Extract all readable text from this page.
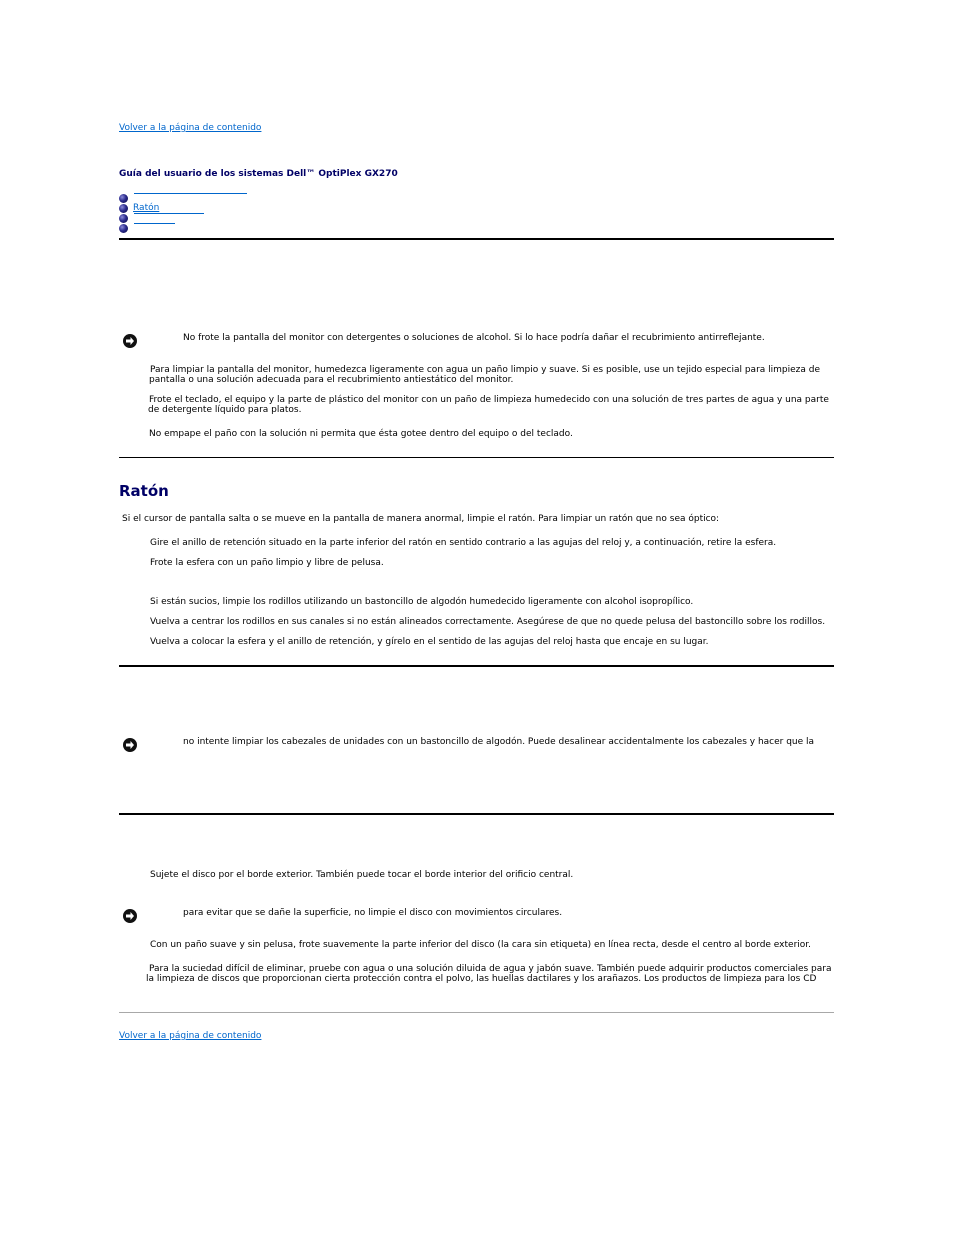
Volver a la página de contenido
Guía del usuario de los sistemas Dell™ OptiPlex GX270
Ratón
No frote la pantalla del monitor con detergentes o soluciones de alcohol. Si lo hace podría dañar el recubrimiento antirreflejante.
Para limpiar la pantalla del monitor, humedezca ligeramente con agua un paño limpio y suave. Si es posible, use un tejido especial para limpieza de
pantalla o una solución adecuada para el recubrimiento antiestático del monitor.
Frote el teclado, el equipo y la parte de plástico del monitor con un paño de limpieza humedecido con una solución de tres partes de agua y una parte
de detergente líquido para platos.
No empape el paño con la solución ni permita que ésta gotee dentro del equipo o del teclado.
Ratón
Si el cursor de pantalla salta o se mueve en la pantalla de manera anormal, limpie el ratón. Para limpiar un ratón que no sea óptico:
Gire el anillo de retención situado en la parte inferior del ratón en sentido contrario a las agujas del reloj y, a continuación, retire la esfera.
Frote la esfera con un paño limpio y libre de pelusa.
Si están sucios, limpie los rodillos utilizando un bastoncillo de algodón humedecido ligeramente con alcohol isopropílico.
Vuelva a centrar los rodillos en sus canales si no están alineados correctamente. Asegúrese de que no quede pelusa del bastoncillo sobre los rodillos.
Vuelva a colocar la esfera y el anillo de retención, y gírelo en el sentido de las agujas del reloj hasta que encaje en su lugar.
no intente limpiar los cabezales de unidades con un bastoncillo de algodón. Puede desalinear accidentalmente los cabezales y hacer que la
Sujete el disco por el borde exterior. También puede tocar el borde interior del orificio central.
para evitar que se dañe la superficie, no limpie el disco con movimientos circulares.
Con un paño suave y sin pelusa, frote suavemente la parte inferior del disco (la cara sin etiqueta) en línea recta, desde el centro al borde exterior.
Para la suciedad difícil de eliminar, pruebe con agua o una solución diluida de agua y jabón suave. También puede adquirir productos comerciales para
la limpieza de discos que proporcionan cierta protección contra el polvo, las huellas dactilares y los arañazos. Los productos de limpieza para los CD
Volver a la página de contenido
